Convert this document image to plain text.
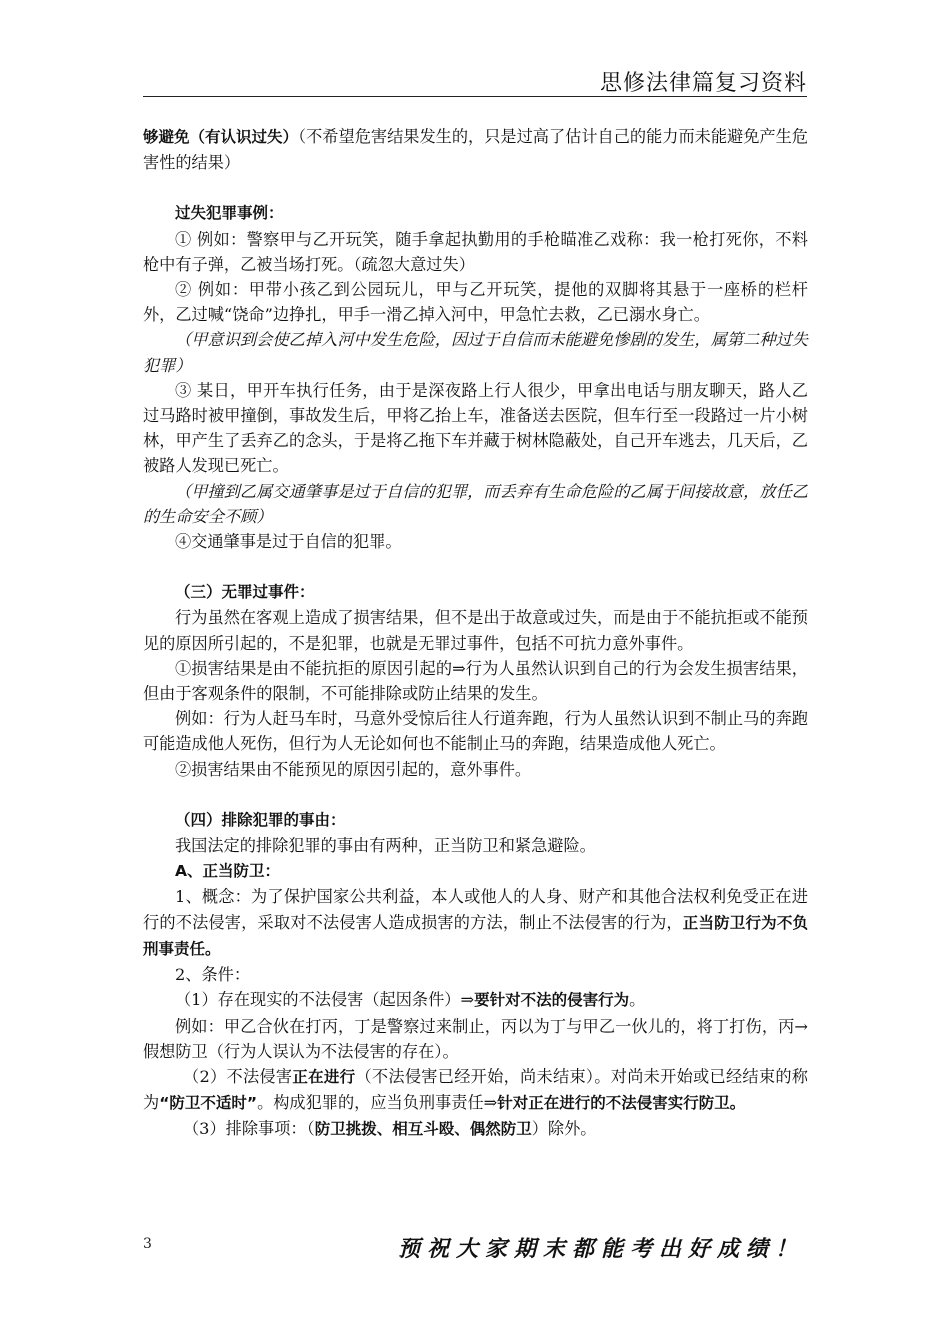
思修法律篇复习资料

够避免（有认识过失）（不希望危害结果发生的，只是过高了估计自己的能力而未能避免产生危害性的结果）

过失犯罪事例：

① 例如：警察甲与乙开玩笑，随手拿起执勤用的手枪瞄准乙戏称：我一枪打死你，不料枪中有子弹，乙被当场打死。（疏忽大意过失）

② 例如：甲带小孩乙到公园玩儿，甲与乙开玩笑，提他的双脚将其悬于一座桥的栏杆外，乙过喊“饶命”边挣扎，甲手一滑乙掉入河中，甲急忙去救，乙已溺水身亡。

（甲意识到会使乙掉入河中发生危险，因过于自信而未能避免惨剧的发生，属第二种过失犯罪）

③ 某日，甲开车执行任务，由于是深夜路上行人很少，甲拿出电话与朋友聊天，路人乙过马路时被甲撞倒，事故发生后，甲将乙抬上车，准备送去医院，但车行至一段路过一片小树林，甲产生了丢弃乙的念头，于是将乙拖下车并藏于树林隐蔽处，自己开车逃去，几天后，乙被路人发现已死亡。

（甲撞到乙属交通肇事是过于自信的犯罪，而丢弃有生命危险的乙属于间接故意，放任乙的生命安全不顾）

④交通肇事是过于自信的犯罪。

（三）无罪过事件：

行为虽然在客观上造成了损害结果，但不是出于故意或过失，而是由于不能抗拒或不能预见的原因所引起的，不是犯罪，也就是无罪过事件，包括不可抗力意外事件。

①损害结果是由不能抗拒的原因引起的⇒行为人虽然认识到自己的行为会发生损害结果，但由于客观条件的限制，不可能排除或防止结果的发生。

例如：行为人赶马车时，马意外受惊后往人行道奔跑，行为人虽然认识到不制止马的奔跑可能造成他人死伤，但行为人无论如何也不能制止马的奔跑，结果造成他人死亡。

②损害结果由不能预见的原因引起的，意外事件。

（四）排除犯罪的事由：

我国法定的排除犯罪的事由有两种，正当防卫和紧急避险。

A、正当防卫：

1、概念：为了保护国家公共利益，本人或他人的人身、财产和其他合法权利免受正在进行的不法侵害，采取对不法侵害人造成损害的方法，制止不法侵害的行为，正当防卫行为不负刑事责任。

2、条件：

（1）存在现实的不法侵害（起因条件）⇒要针对不法的侵害行为。

例如：甲乙合伙在打丙，丁是警察过来制止，丙以为丁与甲乙一伙儿的，将丁打伤，丙→假想防卫（行为人误认为不法侵害的存在）。

（2）不法侵害正在进行（不法侵害已经开始，尚未结束）。对尚未开始或已经结束的称为“防卫不适时”。构成犯罪的，应当负刑事责任⇒针对正在进行的不法侵害实行防卫。

（3）排除事项：（防卫挑拨、相互斗殴、偶然防卫）除外。

3	预祝大家期末都能考出好成绩！
